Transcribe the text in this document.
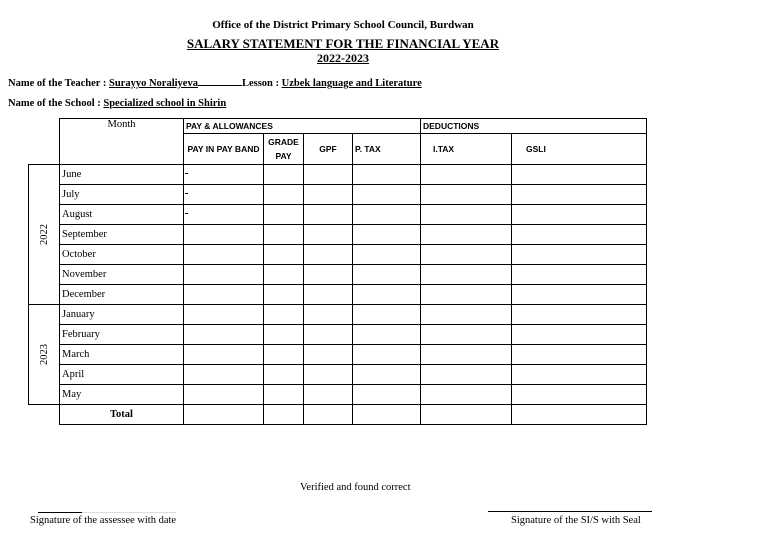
Office of the District Primary School Council, Burdwan
SALARY STATEMENT FOR THE FINANCIAL YEAR
2022-2023
Name of the Teacher : Surayyo Noraliyeva	Lesson : Uzbek language and Literature
Name of the School : Specialized school in Shirin
	Month	PAY & ALLOWANCES				DEDUCTIONS	
		PAY IN PAY BAND	GRADE PAY	GPF	P. TAX	I.TAX	GSLI
2022	June						
	July						
	August						
	September						
	October						
	November						
	December						
2023	January						
	February						
	March						
	April						
	May						
	Total						
Verified and found correct
Signature of the assessee with date	Signature of the SI/S with Seal
